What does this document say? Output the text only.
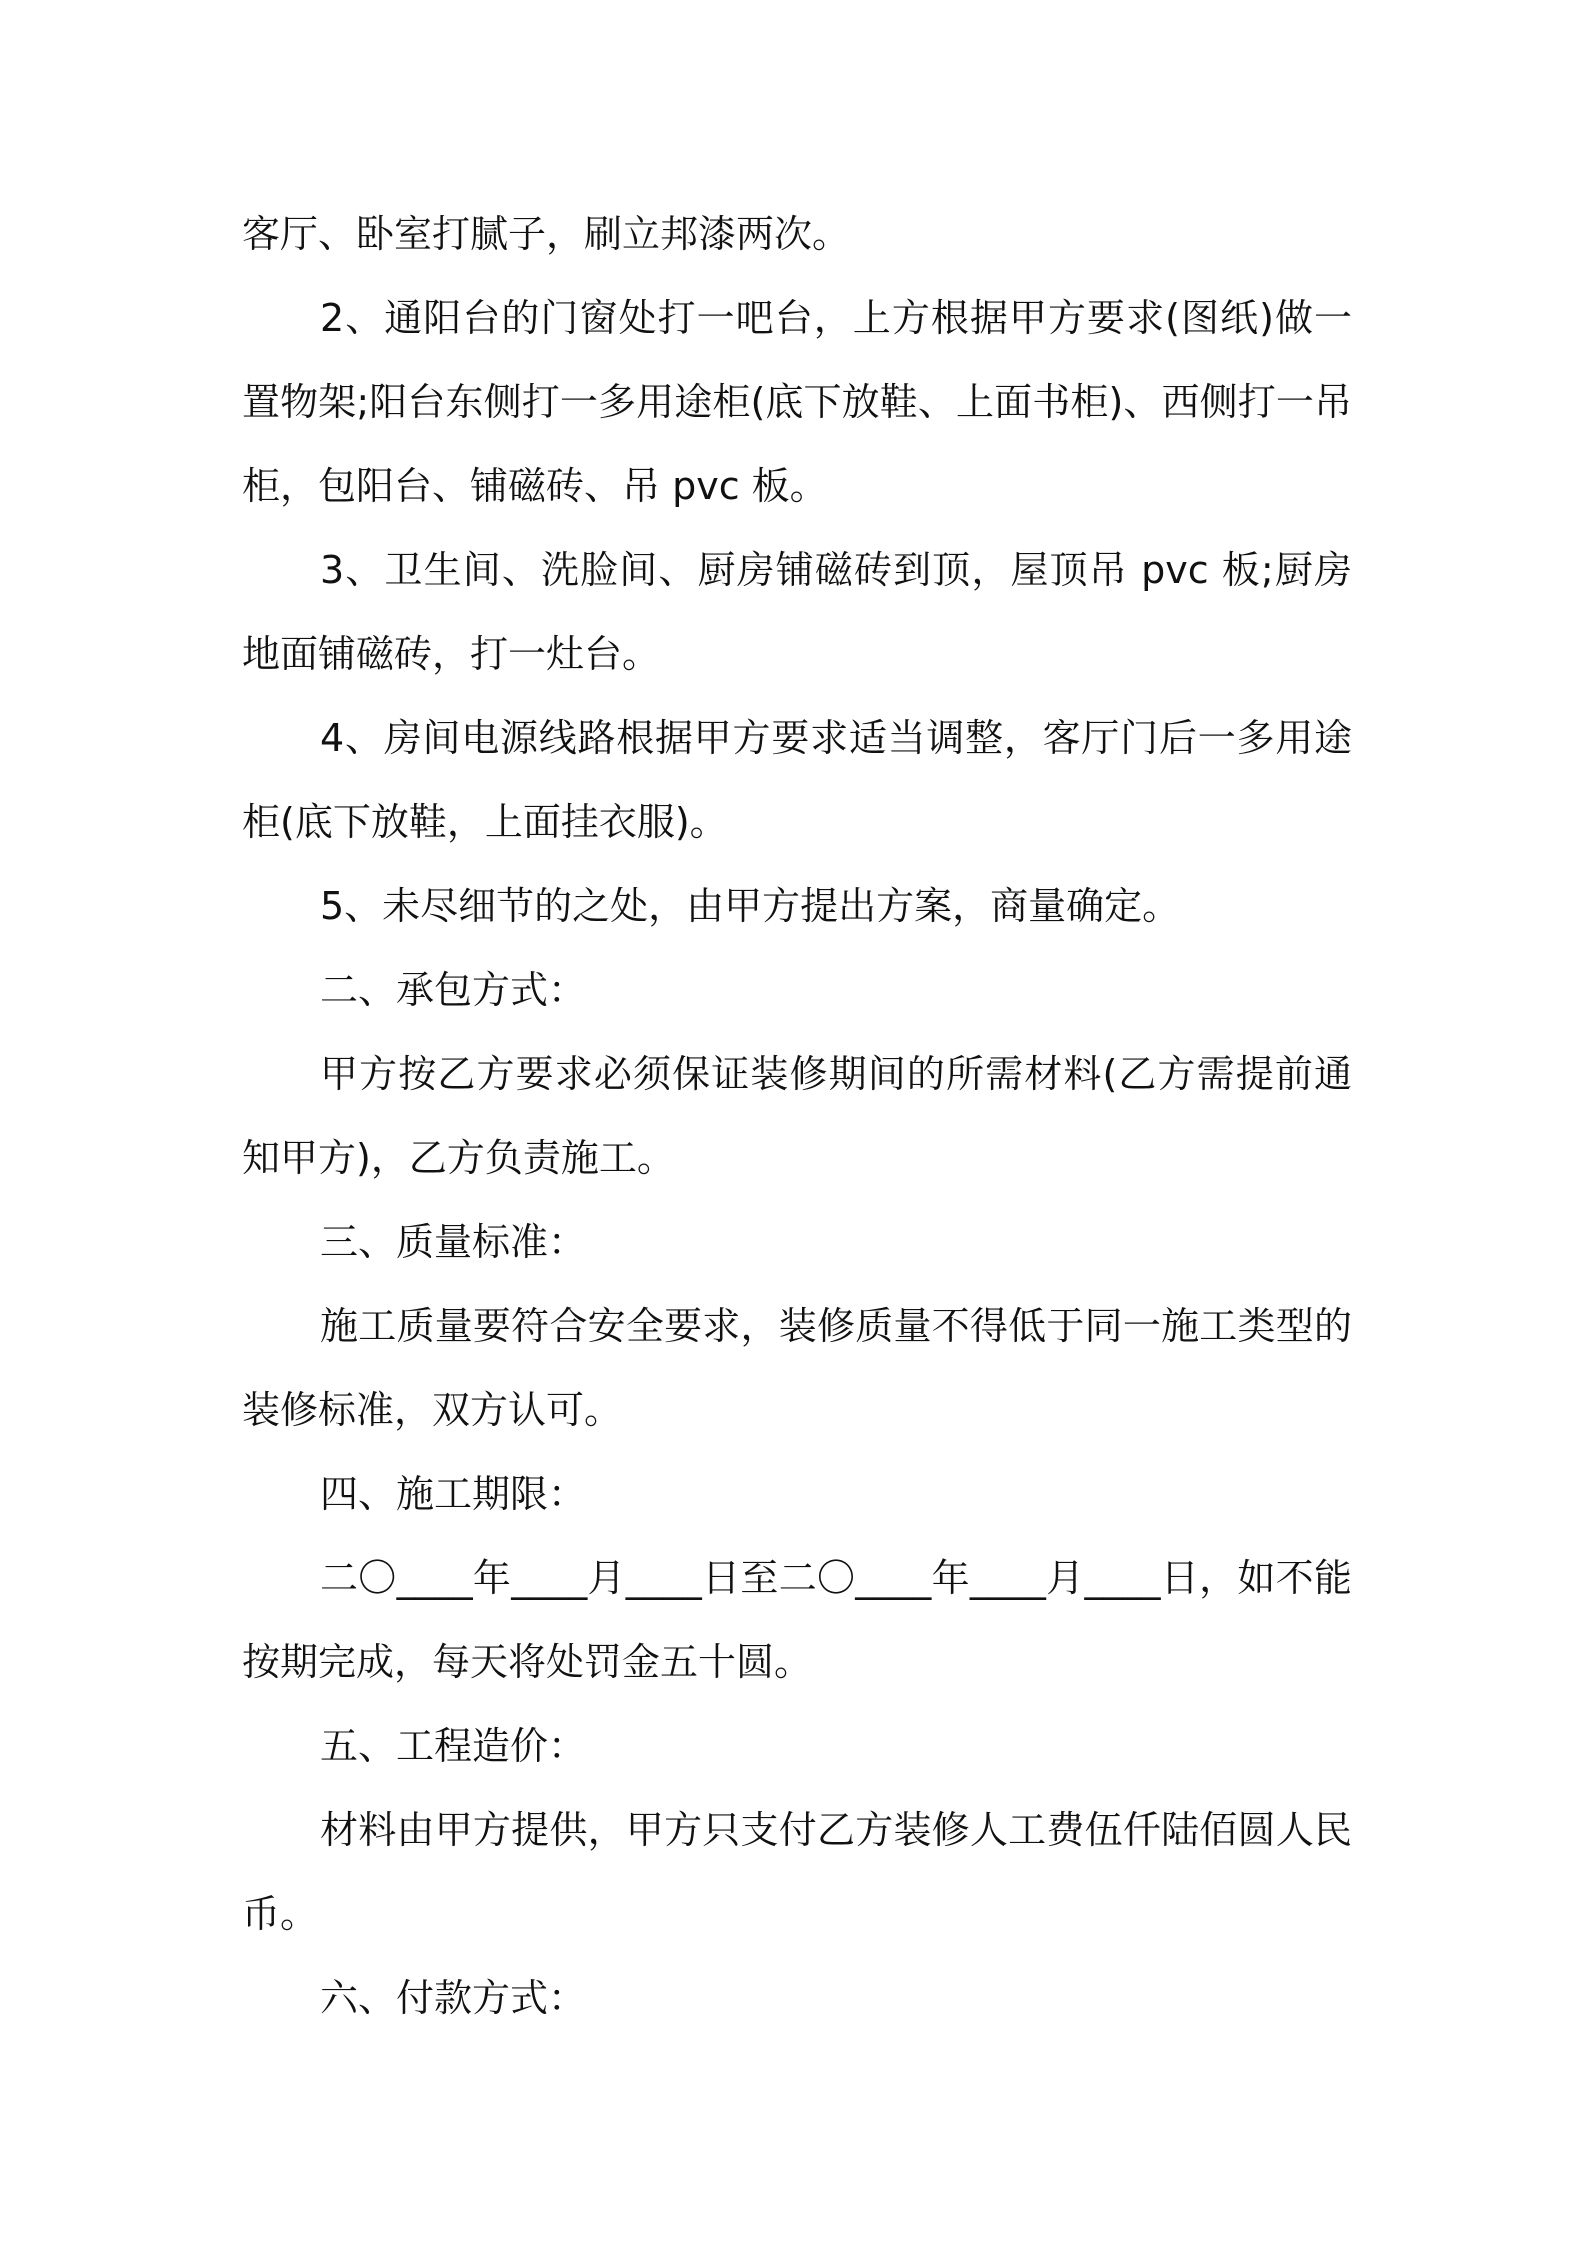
客厅、卧室打腻子，刷立邦漆两次。

2、通阳台的门窗处打一吧台，上方根据甲方要求(图纸)做一置物架;阳台东侧打一多用途柜(底下放鞋、上面书柜)、西侧打一吊柜，包阳台、铺磁砖、吊 pvc 板。

3、卫生间、洗脸间、厨房铺磁砖到顶，屋顶吊 pvc 板;厨房地面铺磁砖，打一灶台。

4、房间电源线路根据甲方要求适当调整，客厅门后一多用途柜(底下放鞋，上面挂衣服)。

5、未尽细节的之处，由甲方提出方案，商量确定。

二、承包方式：

甲方按乙方要求必须保证装修期间的所需材料(乙方需提前通知甲方)，乙方负责施工。

三、质量标准：

施工质量要符合安全要求，装修质量不得低于同一施工类型的装修标准，双方认可。

四、施工期限：

二〇____年____月____日至二〇____年____月____日，如不能按期完成，每天将处罚金五十圆。

五、工程造价：

材料由甲方提供，甲方只支付乙方装修人工费伍仟陆佰圆人民币。

六、付款方式：
